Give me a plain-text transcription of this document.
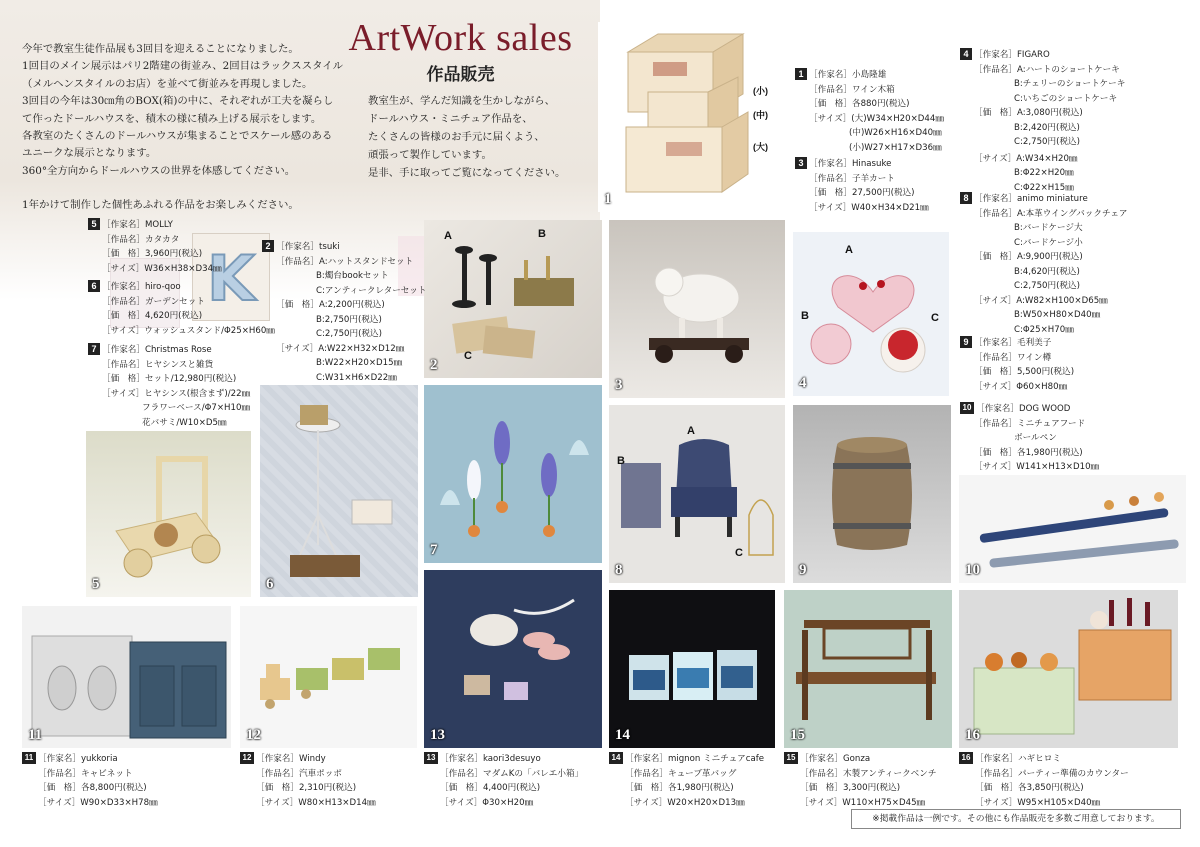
K
ArtWork sales
作品販売

今年で教室生徒作品展も3回目を迎えることになりました。

1回目のメイン展示はパリ2階建の街並み、2回目はラックススタイル

（メルヘンスタイルのお店）を並べて街並みを再現しました。

3回目の今年は30㎝角のBOX(箱)の中に、それぞれが工夫を凝らし

て作ったドールハウスを、積木の様に積み上げる展示をします。

各教室のたくさんのドールハウスが集まることでスケール感のある

ユニークな展示となります。

360°全方向からドールハウスの世界を体感してください。

1年かけて制作した個性あふれる作品をお楽しみください。

教室生が、学んだ知識を生かしながら、

ドールハウス・ミニチュア作品を、

たくさんの皆様のお手元に届くよう、

頑張って製作しています。

是非、手に取ってご覧になってください。

(小)
(中)
(大)
1
A	B
C
2
3
A
B	C
4
5	6
7
A
B
C
8	9	10
11	12	13	14	15	16
1 ［作家名］小島隆雄
［作品名］ワイン木箱
［価　格］各880円(税込)
［サイズ］(大)W34×H20×D44㎜
(中)W26×H16×D40㎜
(小)W27×H17×D36㎜
3 ［作家名］Hinasuke
［作品名］子羊カート
［価　格］27,500円(税込)
［サイズ］W40×H34×D21㎜
4 ［作家名］FIGARO
［作品名］A:ハートのショートケーキ
B:チェリーのショートケーキ
C:いちごのショートケーキ
［価　格］A:3,080円(税込)
B:2,420円(税込)
C:2,750円(税込)
［サイズ］A:W34×H20㎜
B:Φ22×H20㎜
C:Φ22×H15㎜
8 ［作家名］animo miniature
［作品名］A:本革ウイングバックチェア
B:バードケージ大
C:バードケージ小
［価　格］A:9,900円(税込)
B:4,620円(税込)
C:2,750円(税込)
［サイズ］A:W82×H100×D65㎜
B:W50×H80×D40㎜
C:Φ25×H70㎜
9 ［作家名］毛利美子
［作品名］ワイン樽
［価　格］5,500円(税込)
［サイズ］Φ60×H80㎜
10 ［作家名］DOG WOOD
［作品名］ミニチュアフード
ボールペン
［価　格］各1,980円(税込)
［サイズ］W141×H13×D10㎜
5 ［作家名］MOLLY
［作品名］カタカタ
［価　格］3,960円(税込)
［サイズ］W36×H38×D34㎜
6 ［作家名］hiro-qoo
［作品名］ガーデンセット
［価　格］4,620円(税込)
［サイズ］ウォッシュスタンド/Φ25×H60㎜
7 ［作家名］Christmas Rose
［作品名］ヒヤシンスと雑貨
［価　格］セット/12,980円(税込)
［サイズ］ヒヤシンス(根含まず)/22㎜
フラワーベース/Φ7×H10㎜
花バサミ/W10×D5㎜
2 ［作家名］tsuki
［作品名］A:ハットスタンドセット
B:燭台bookセット
C:アンティークレターセット
［価　格］A:2,200円(税込)
B:2,750円(税込)
C:2,750円(税込)
［サイズ］A:W22×H32×D12㎜
B:W22×H20×D15㎜
C:W31×H6×D22㎜
11 ［作家名］yukkoria
［作品名］キャビネット
［価　格］各8,800円(税込)
［サイズ］W90×D33×H78㎜
12 ［作家名］Windy
［作品名］汽車ポッポ
［価　格］2,310円(税込)
［サイズ］W80×H13×D14㎜
13 ［作家名］kaori3desuyo
［作品名］マダムKの「バレエ小箱」
［価　格］4,400円(税込)
［サイズ］Φ30×H20㎜
14 ［作家名］mignon ミニチュアcafe
［作品名］キューブ革バッグ
［価　格］各1,980円(税込)
［サイズ］W20×H20×D13㎜
15 ［作家名］Gonza
［作品名］木製アンティークベンチ
［価　格］3,300円(税込)
［サイズ］W110×H75×D45㎜
16 ［作家名］ハギヒロミ
［作品名］パーティー準備のカウンター
［価　格］各3,850円(税込)
［サイズ］W95×H105×D40㎜
※掲載作品は一例です。その他にも作品販売を多数ご用意しております。
